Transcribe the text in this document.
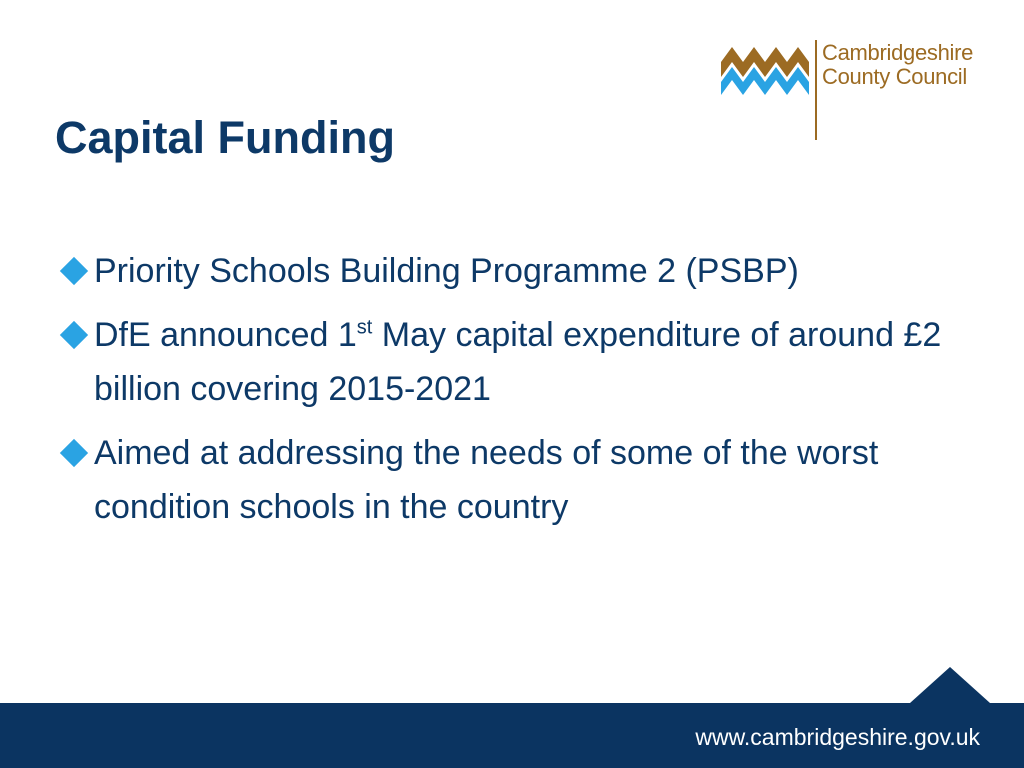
Cambridgeshire
County Council
Capital Funding
Priority Schools Building Programme 2 (PSBP)
DfE announced 1st May capital expenditure of around £2 billion covering 2015-2021
Aimed at addressing the needs of some of the worst condition schools in the country
www.cambridgeshire.gov.uk
